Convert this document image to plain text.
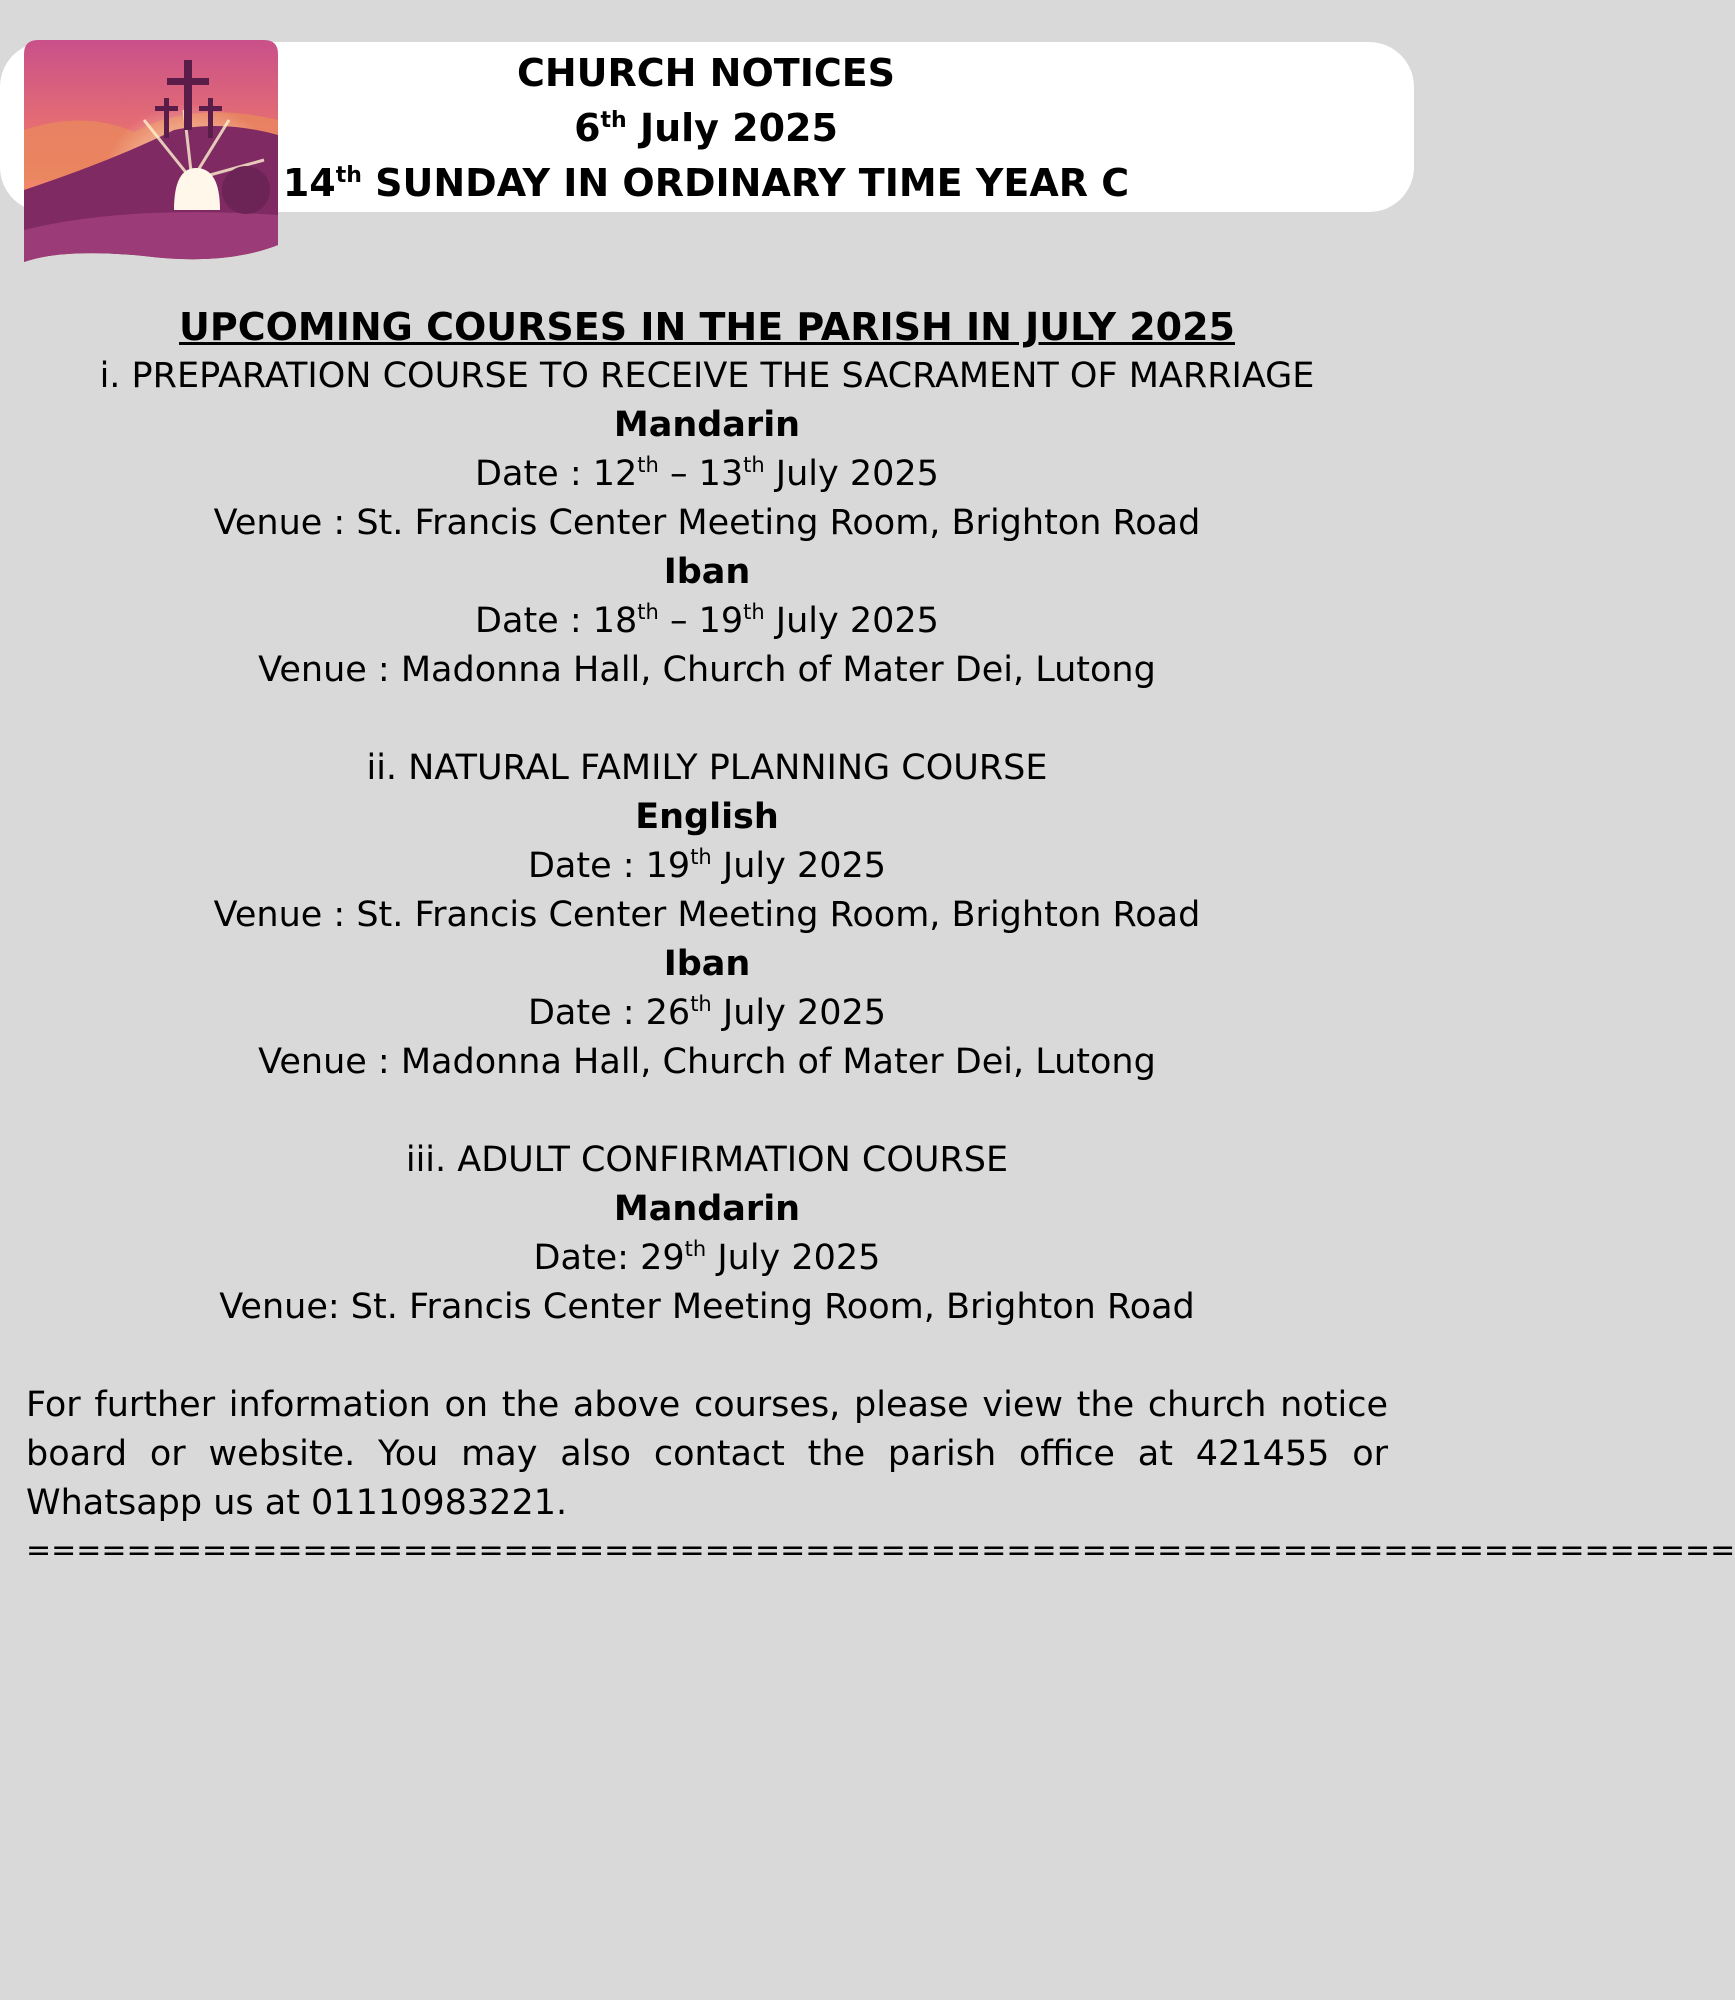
CHURCH NOTICES
6th July 2025
14th SUNDAY IN ORDINARY TIME YEAR C
UPCOMING COURSES IN THE PARISH IN JULY 2025
i. PREPARATION COURSE TO RECEIVE THE SACRAMENT OF MARRIAGE
Mandarin
Date : 12th – 13th July 2025
Venue : St. Francis Center Meeting Room, Brighton Road
Iban
Date : 18th – 19th July 2025
Venue : Madonna Hall, Church of Mater Dei, Lutong
ii. NATURAL FAMILY PLANNING COURSE
English
Date : 19th July 2025
Venue : St. Francis Center Meeting Room, Brighton Road
Iban
Date : 26th July 2025
Venue : Madonna Hall, Church of Mater Dei, Lutong
iii. ADULT CONFIRMATION COURSE
Mandarin
Date: 29th July 2025
Venue: St. Francis Center Meeting Room, Brighton Road
For further information on the above courses, please view the church notice board or website. You may also contact the parish office at 421455 or Whatsapp us at 01110983221.
====================================================================
